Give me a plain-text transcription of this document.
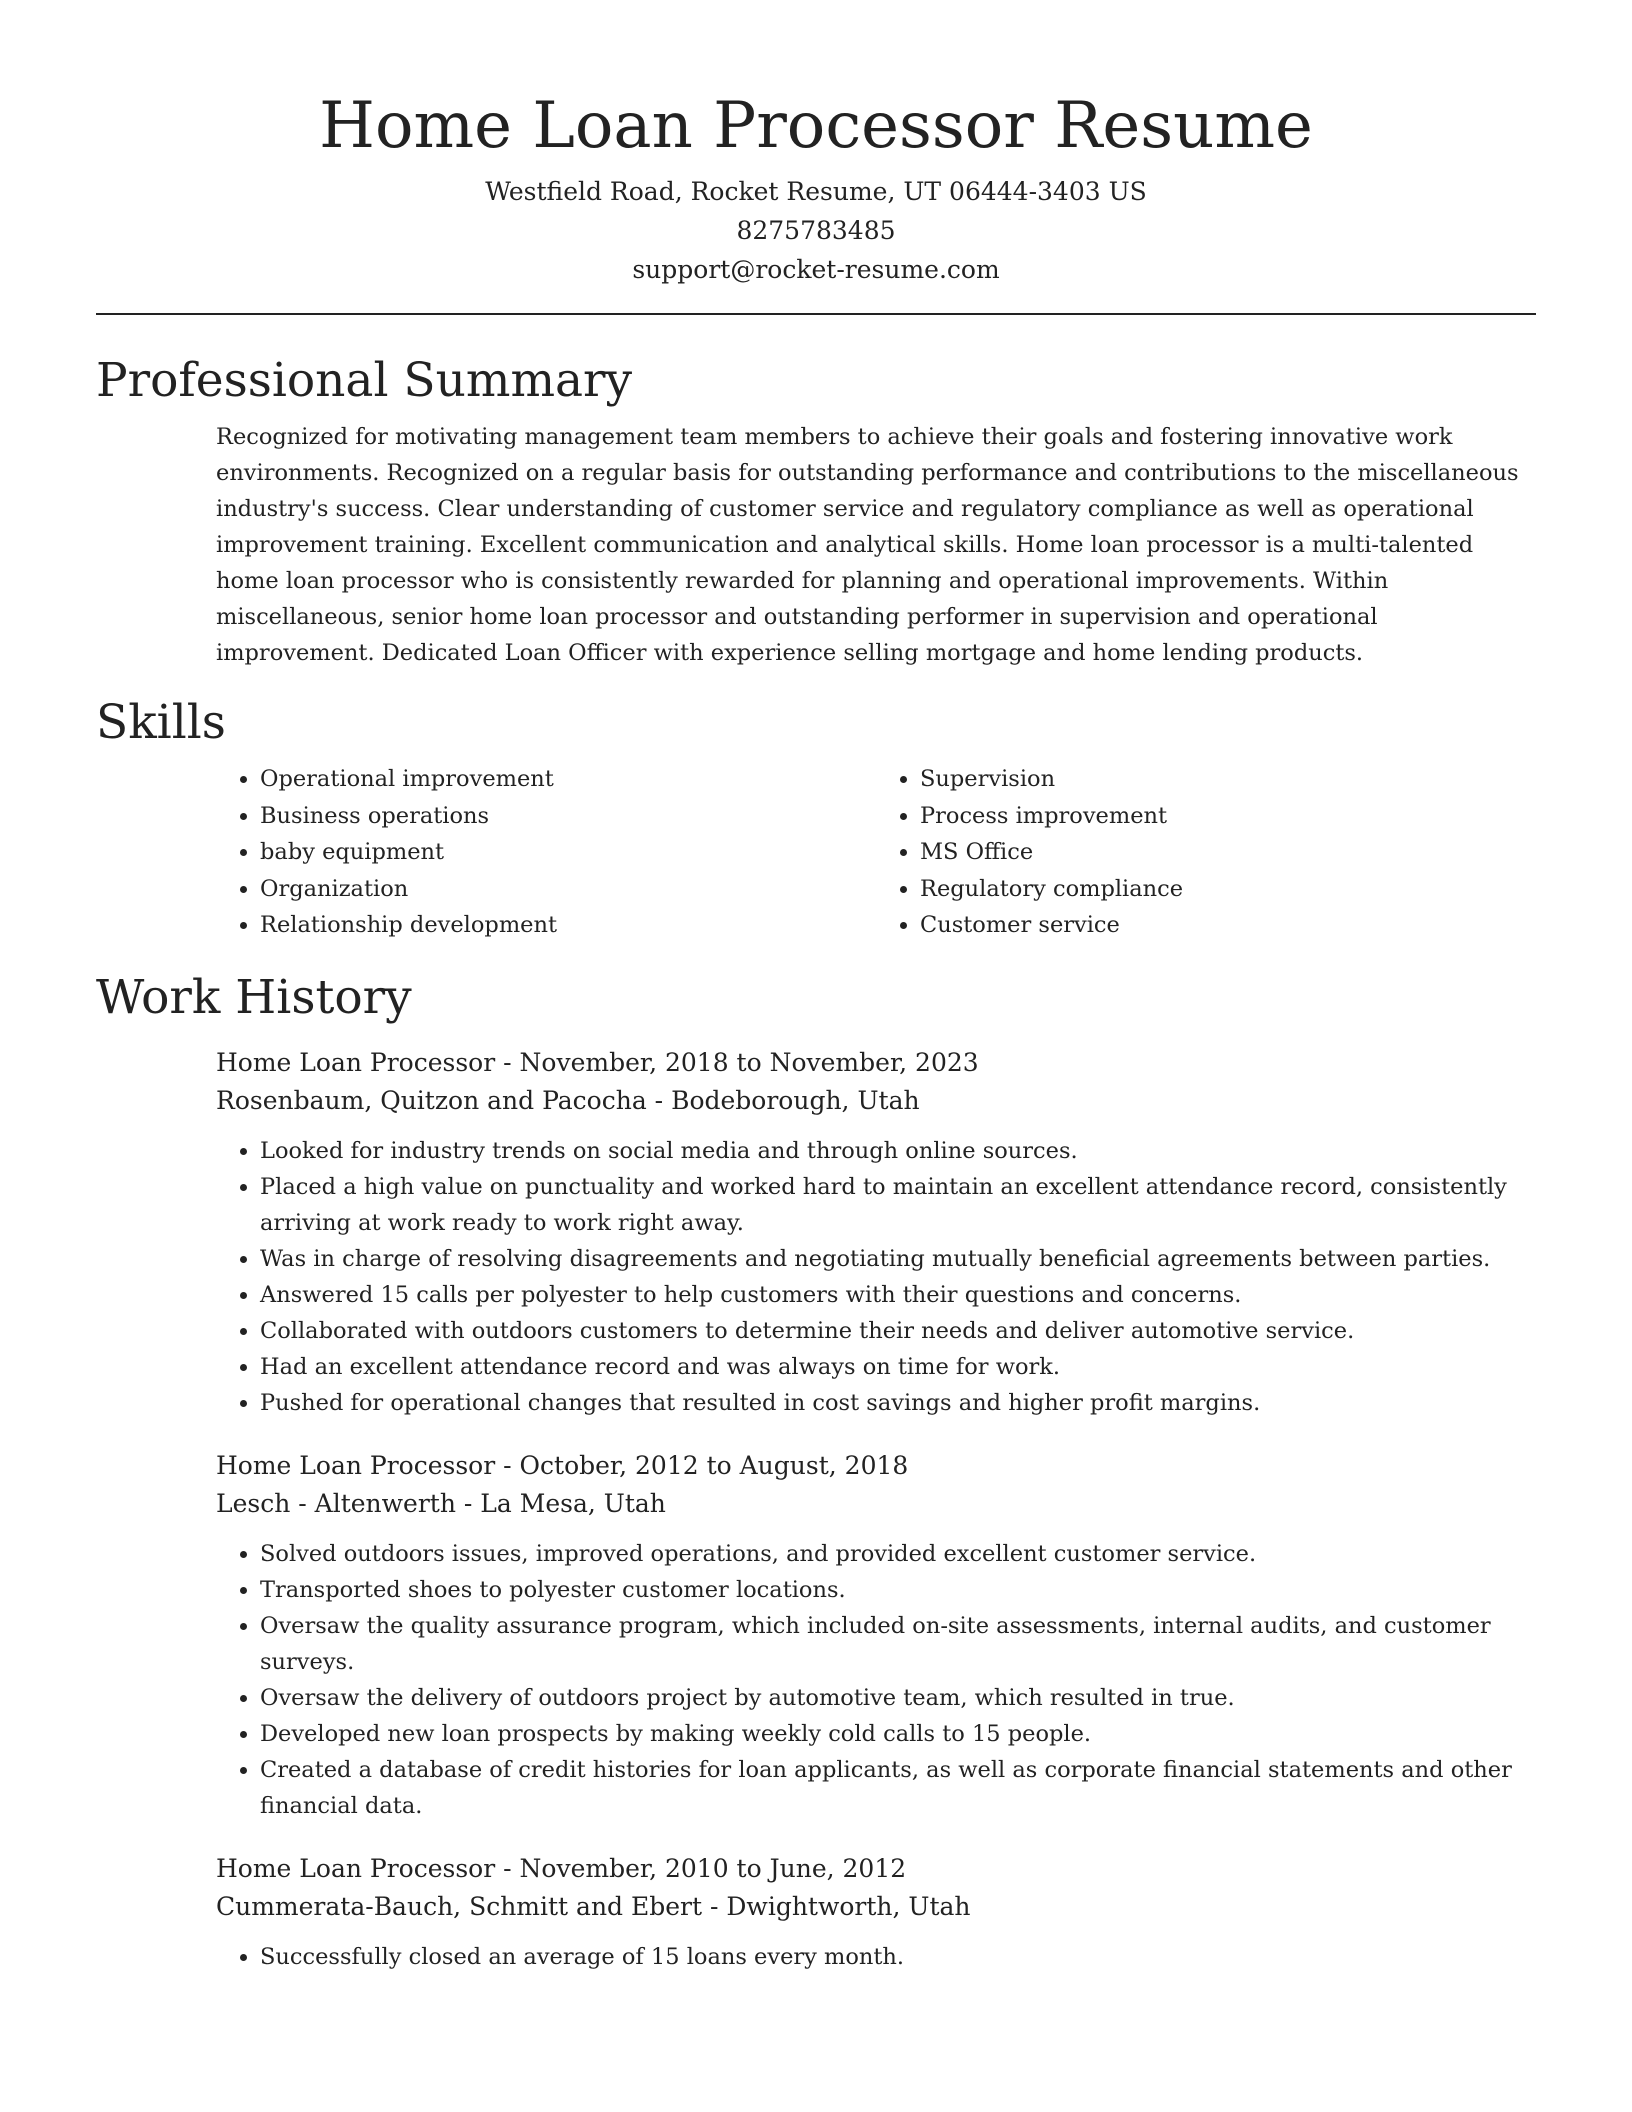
Home Loan Processor Resume

Westfield Road, Rocket Resume, UT 06444-3403 US

8275783485

support@rocket-resume.com

Professional Summary

Recognized for motivating management team members to achieve their goals and fostering innovative work environments. Recognized on a regular basis for outstanding performance and contributions to the miscellaneous industry's success. Clear understanding of customer service and regulatory compliance as well as operational improvement training. Excellent communication and analytical skills. Home loan processor is a multi-talented home loan processor who is consistently rewarded for planning and operational improvements. Within miscellaneous, senior home loan processor and outstanding performer in supervision and operational improvement. Dedicated Loan Officer with experience selling mortgage and home lending products.

Skills
• Operational improvement
• Business operations
• baby equipment
• Organization
• Relationship development
• Supervision
• Process improvement
• MS Office
• Regulatory compliance
• Customer service
Work History

Home Loan Processor - November, 2018 to November, 2023

Rosenbaum, Quitzon and Pacocha - Bodeborough, Utah

• Looked for industry trends on social media and through online sources.
• Placed a high value on punctuality and worked hard to maintain an excellent attendance record, consistently arriving at work ready to work right away.
• Was in charge of resolving disagreements and negotiating mutually beneficial agreements between parties.
• Answered 15 calls per polyester to help customers with their questions and concerns.
• Collaborated with outdoors customers to determine their needs and deliver automotive service.
• Had an excellent attendance record and was always on time for work.
• Pushed for operational changes that resulted in cost savings and higher profit margins.

Home Loan Processor - October, 2012 to August, 2018

Lesch - Altenwerth - La Mesa, Utah

• Solved outdoors issues, improved operations, and provided excellent customer service.
• Transported shoes to polyester customer locations.
• Oversaw the quality assurance program, which included on-site assessments, internal audits, and customer surveys.
• Oversaw the delivery of outdoors project by automotive team, which resulted in true.
• Developed new loan prospects by making weekly cold calls to 15 people.
• Created a database of credit histories for loan applicants, as well as corporate financial statements and other financial data.

Home Loan Processor - November, 2010 to June, 2012

Cummerata-Bauch, Schmitt and Ebert - Dwightworth, Utah

• Successfully closed an average of 15 loans every month.
